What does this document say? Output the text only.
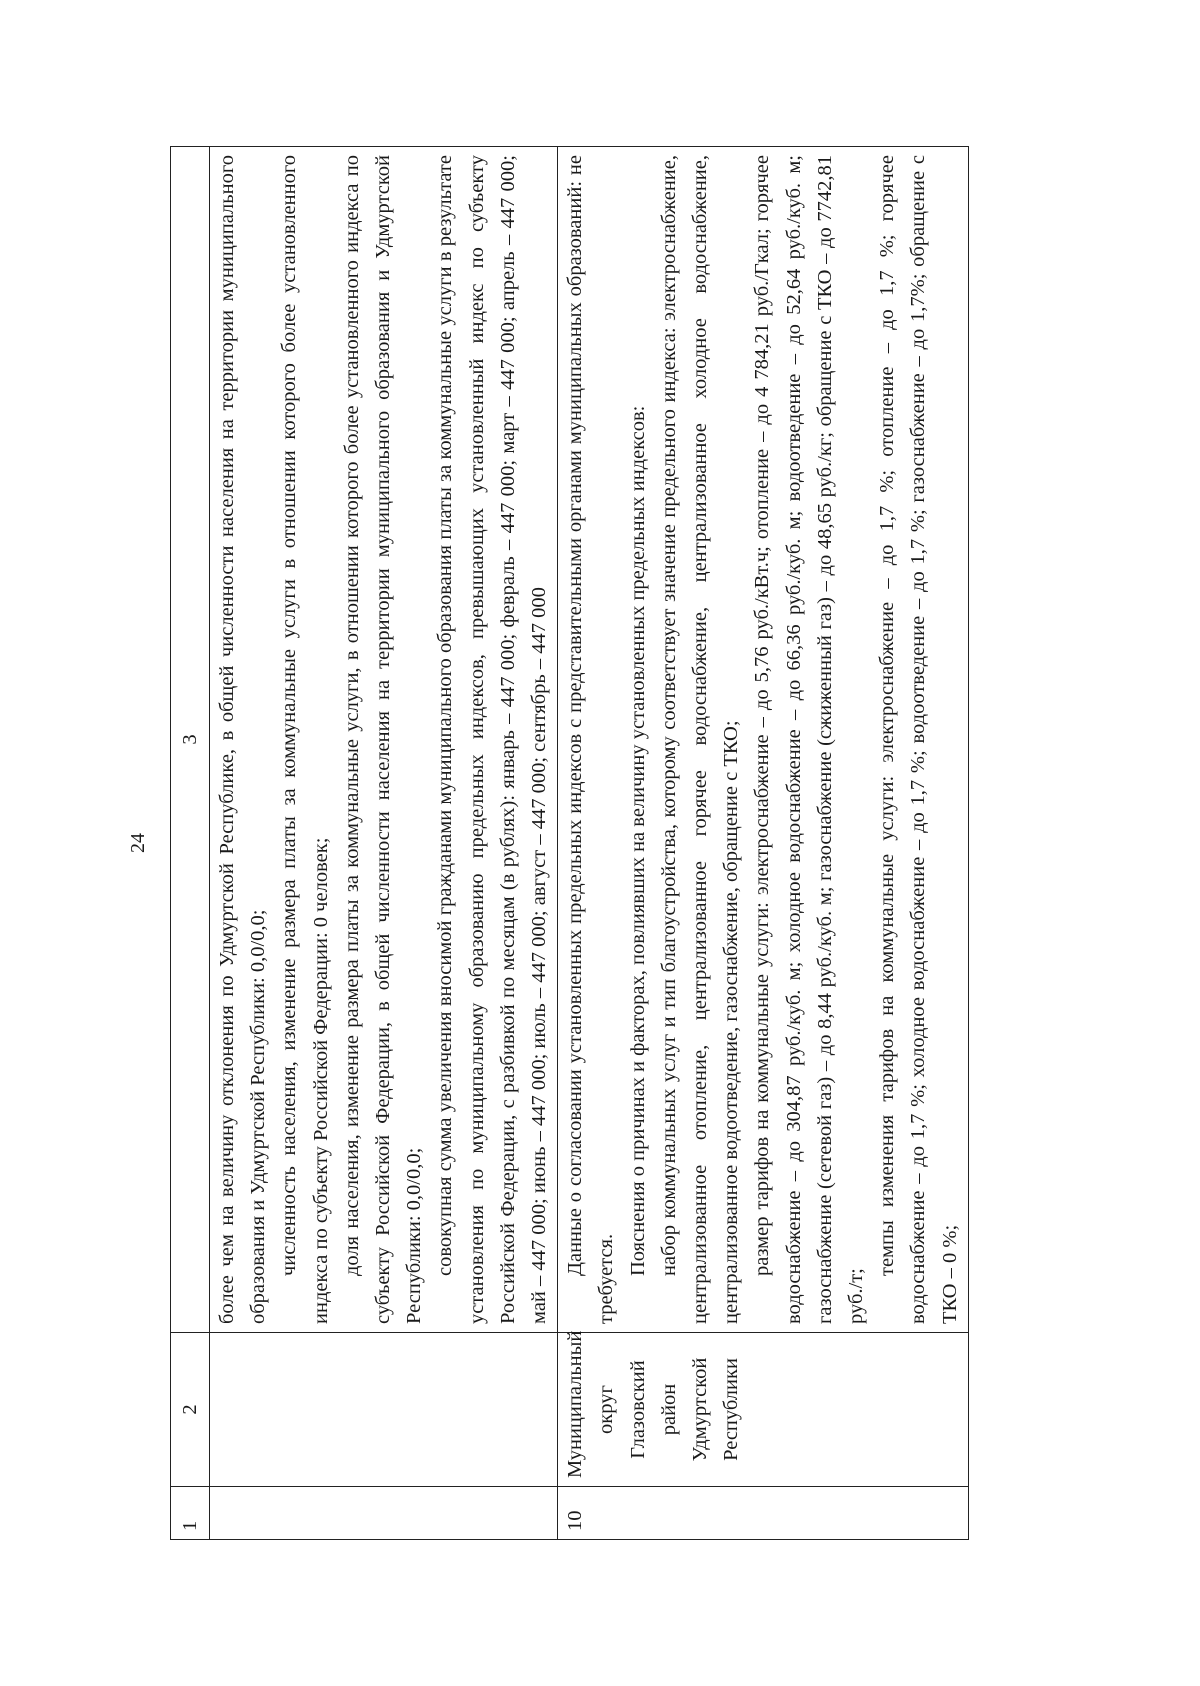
24
1	2	3

		более чем на величину отклонения по Удмуртской Республике, в общей численности населения на территории муниципального образования и Удмуртской Республики: 0,0/0,0; численность населения, изменение размера платы за коммунальные услуги в отношении которого более установленного индекса по субъекту Российской Федерации: 0 человек; доля населения, изменение размера платы за коммунальные услуги, в отношении которого более установленного индекса по субъекту Российской Федерации, в общей численности населения на территории муниципального образования и Удмуртской Республики: 0,0/0,0; совокупная сумма увеличения вносимой гражданами муниципального образования платы за коммунальные услуги в результате установления по муниципальному образованию предельных индексов, превышающих установленный индекс по субъекту Российской Федерации, с разбивкой по месяцам (в рублях): январь – 447 000; февраль – 447 000; март – 447 000; апрель – 447 000; май – 447 000; июнь – 447 000; июль – 447 000; август – 447 000; сентябрь – 447 000

10	Муниципальный округ Глазовский район Удмуртской Республики	Данные о согласовании установленных предельных индексов с представительными органами муниципальных образований: не требуется.

Пояснения о причинах и факторах, повлиявших на величину установленных предельных индексов: набор коммунальных услуг и тип благоустройства, которому соответствует значение предельного индекса: электроснабжение, централизованное отопление, централизованное горячее водоснабжение, централизованное холодное водоснабжение, централизованное водоотведение, газоснабжение, обращение с ТКО; размер тарифов на коммунальные услуги: электроснабжение – до 5,76 руб./кВт.ч; отопление – до 4 784,21 руб./Гкал; горячее водоснабжение – до 304,87 руб./куб. м; холодное водоснабжение – до 66,36 руб./куб. м; водоотведение – до 52,64 руб./куб. м; газоснабжение (сетевой газ) – до 8,44 руб./куб. м; газоснабжение (сжиженный газ) – до 48,65 руб./кг; обращение с ТКО – до 7742,81 руб./т;

темпы изменения тарифов на коммунальные услуги: электроснабжение – до 1,7 %; отопление – до 1,7 %; горячее водоснабжение – до 1,7 %; холодное водоснабжение – до 1,7 %; водоотведение – до 1,7 %; газоснабжение – до 1,7%; обращение с ТКО – 0 %;
